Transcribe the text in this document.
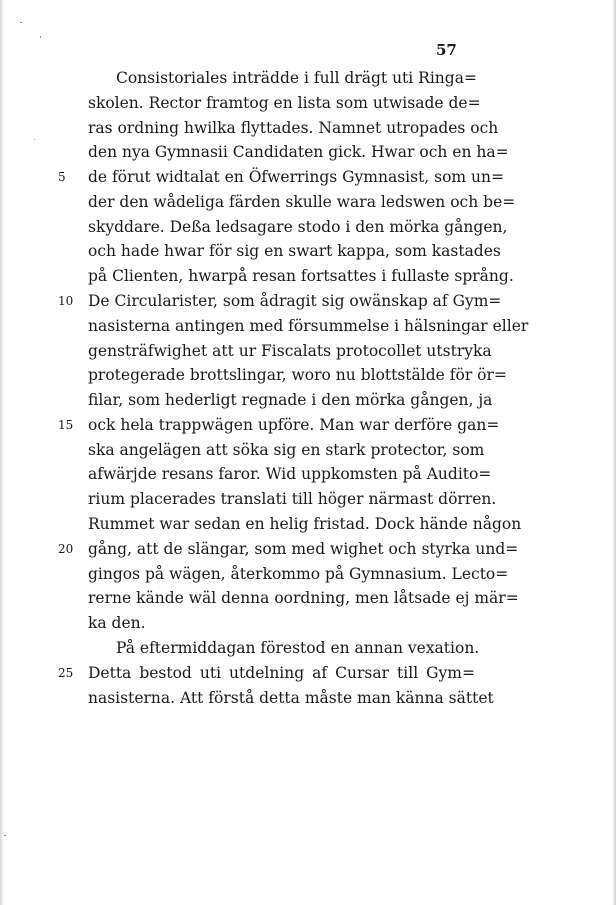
57
Consistoriales inträdde i full drägt uti Ringa=
skolen. Rector framtog en lista som utwisade de=
ras ordning hwilka flyttades. Namnet utropades och
den nya Gymnasii Candidaten gick. Hwar och en ha=
de förut widtalat en Öfwerrings Gymnasist, som un=
5
der den wådeliga färden skulle wara ledswen och be=
skyddare. Deßa ledsagare stodo i den mörka gången,
och hade hwar för sig en swart kappa, som kastades
på Clienten, hwarpå resan fortsattes i fullaste språng.
De Circularister, som ådragit sig owänskap af Gym=
10
nasisterna antingen med försummelse i hälsningar eller
gensträfwighet att ur Fiscalats protocollet utstryka
protegerade brottslingar, woro nu blottstälde för ör=
filar, som hederligt regnade i den mörka gången, ja
ock hela trappwägen upföre. Man war derföre gan=
15
ska angelägen att söka sig en stark protector, som
afwärjde resans faror. Wid uppkomsten på Audito=
rium placerades translati till höger närmast dörren.
Rummet war sedan en helig fristad. Dock hände någon
gång, att de slängar, som med wighet och styrka und=
20
gingos på wägen, återkommo på Gymnasium. Lecto=
rerne kände wäl denna oordning, men låtsade ej mär=
ka den.
På eftermiddagan förestod en annan vexation.
Detta bestod uti utdelning af Cursar till Gym=
25
nasisterna. Att förstå detta måste man känna sättet
